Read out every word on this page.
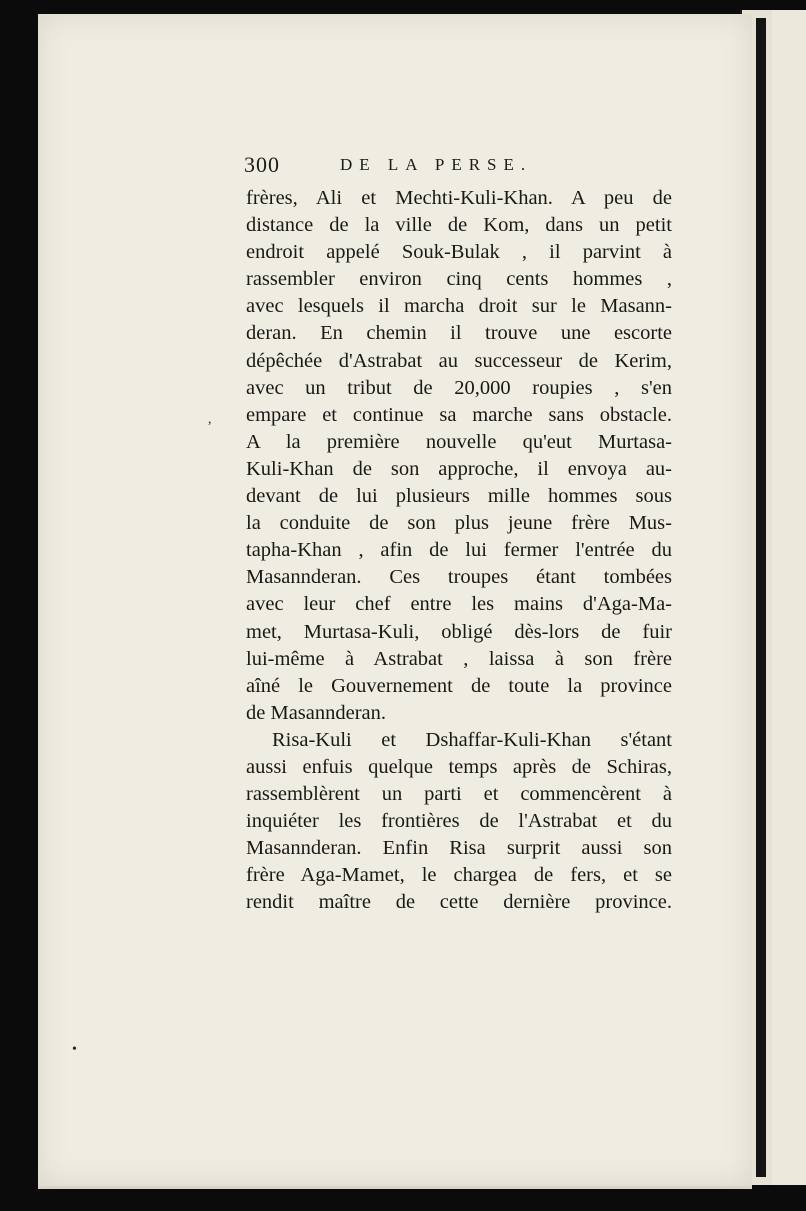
300	DE LA PERSE.
frères, Ali et Mechti-Kuli-Khan. A peu de
distance de la ville de Kom, dans un petit
endroit appelé Souk-Bulak , il parvint à
rassembler environ cinq cents hommes ,
avec lesquels il marcha droit sur le Masann-
deran. En chemin il trouve une escorte
dépêchée d'Astrabat au successeur de Kerim,
avec un tribut de 20,000 roupies , s'en
empare et continue sa marche sans obstacle.
A la première nouvelle qu'eut Murtasa-
Kuli-Khan de son approche, il envoya au-
devant de lui plusieurs mille hommes sous
la conduite de son plus jeune frère Mus-
tapha-Khan , afin de lui fermer l'entrée du
Masannderan. Ces troupes étant tombées
avec leur chef entre les mains d'Aga-Ma-
met, Murtasa-Kuli, obligé dès-lors de fuir
lui-même à Astrabat , laissa à son frère
aîné le Gouvernement de toute la province
de Masannderan.
Risa-Kuli et Dshaffar-Kuli-Khan s'étant
aussi enfuis quelque temps après de Schiras,
rassemblèrent un parti et commencèrent à
inquiéter les frontières de l'Astrabat et du
Masannderan. Enfin Risa surprit aussi son
frère Aga-Mamet, le chargea de fers, et se
rendit maître de cette dernière province.
,
•
